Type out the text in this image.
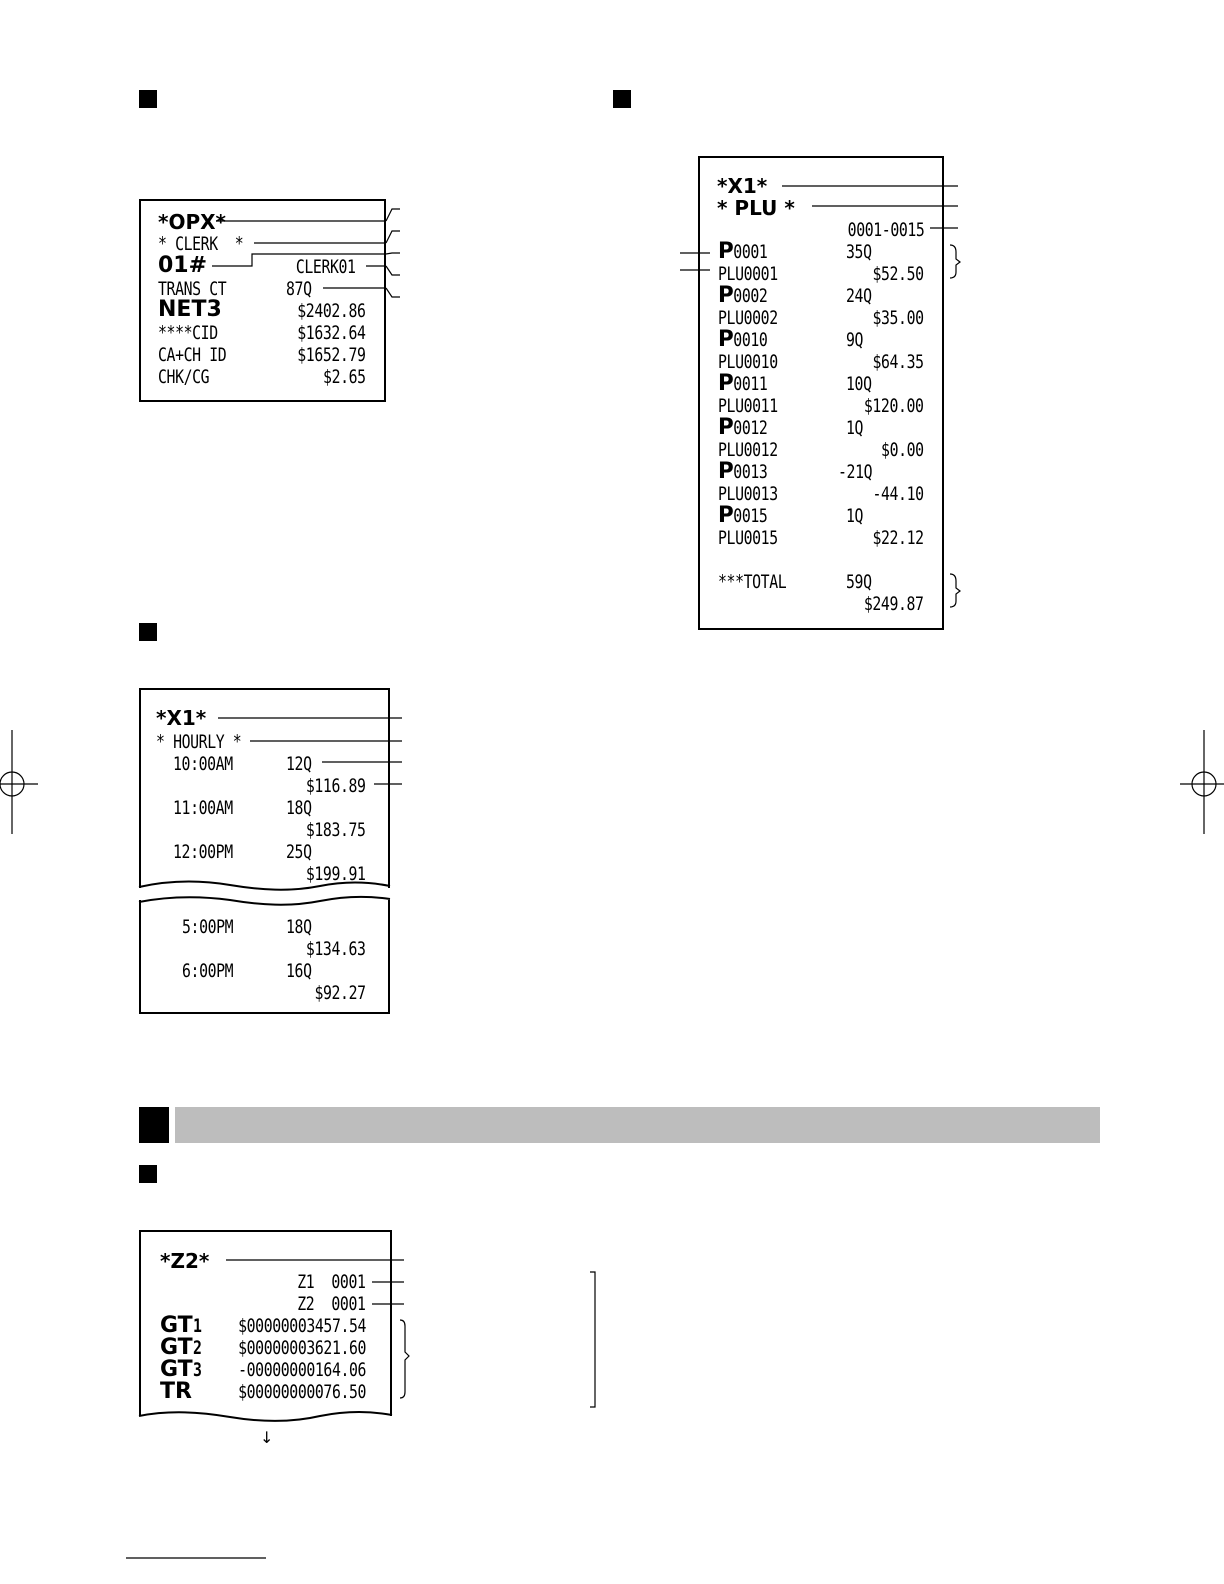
*OPX*
* CLERK  *
01#	CLERK01
TRANS CT	87Q
NET3	$2402.86
****CID	$1632.64
CA+CH ID	$1652.79
CHK/CG	$2.65
*X1*
* HOURLY *
10:00AM	12Q
$116.89
11:00AM	18Q
$183.75
12:00PM	25Q
$199.91
5:00PM	18Q
$134.63
6:00PM	16Q
$92.27
*X1*
* PLU *
0001-0015
P0001	35Q
PLU0001	$52.50
P0002	24Q
PLU0002	$35.00
P0010	9Q
PLU0010	$64.35
P0011	10Q
PLU0011	$120.00
P0012	1Q
PLU0012	$0.00
P0013	-21Q
PLU0013	-44.10
P0015	1Q
PLU0015	$22.12
***TOTAL	59Q
$249.87
*Z2*
Z1  0001
Z2  0001
GT1 $00000003457.54
GT2 $00000003621.60
GT3 -00000000164.06
TR $00000000076.50
↓
